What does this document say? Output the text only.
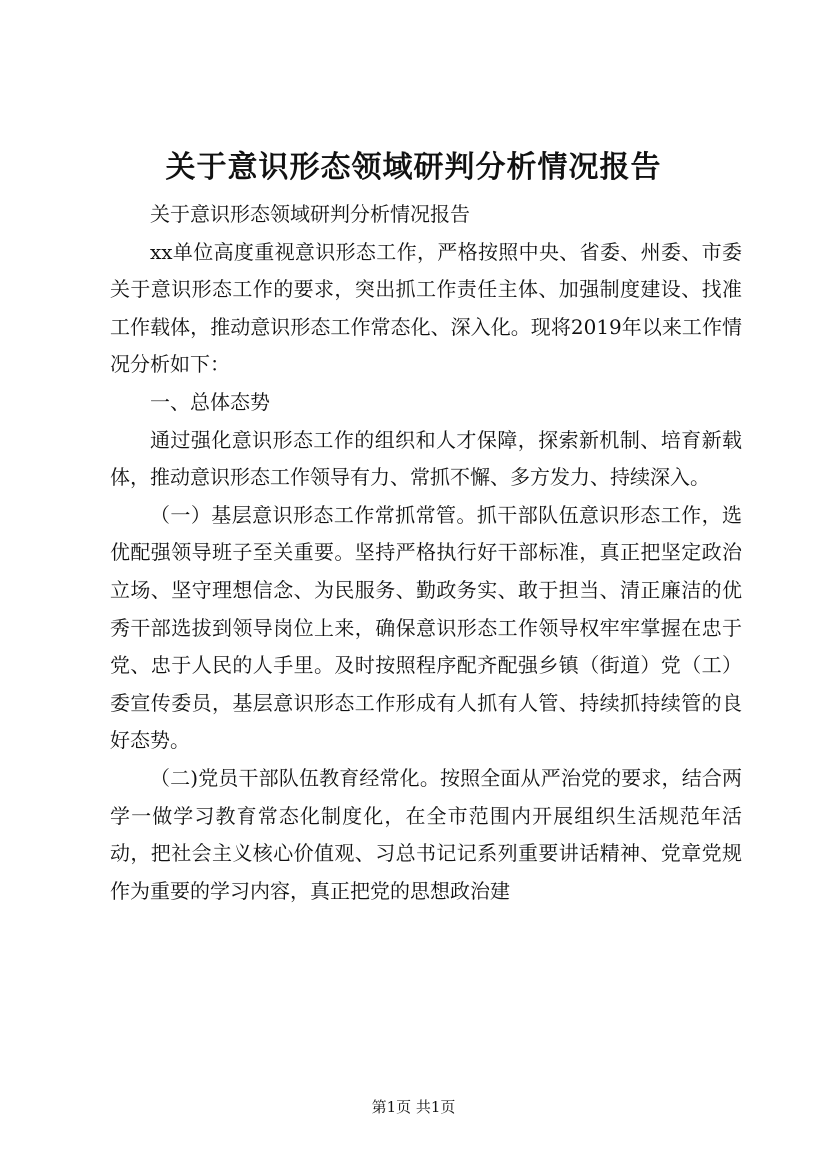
关于意识形态领域研判分析情况报告

关于意识形态领域研判分析情况报告

xx单位高度重视意识形态工作，严格按照中央、省委、州委、市委关于意识形态工作的要求，突出抓工作责任主体、加强制度建设、找准工作载体，推动意识形态工作常态化、深入化。现将2019年以来工作情况分析如下：

一、总体态势

通过强化意识形态工作的组织和人才保障，探索新机制、培育新载体，推动意识形态工作领导有力、常抓不懈、多方发力、持续深入。

（一）基层意识形态工作常抓常管。抓干部队伍意识形态工作，选优配强领导班子至关重要。坚持严格执行好干部标准，真正把坚定政治立场、坚守理想信念、为民服务、勤政务实、敢于担当、清正廉洁的优秀干部选拔到领导岗位上来，确保意识形态工作领导权牢牢掌握在忠于党、忠于人民的人手里。及时按照程序配齐配强乡镇（街道）党（工）委宣传委员，基层意识形态工作形成有人抓有人管、持续抓持续管的良好态势。

（二)党员干部队伍教育经常化。按照全面从严治党的要求，结合两学一做学习教育常态化制度化，在全市范围内开展组织生活规范年活动，把社会主义核心价值观、习总书记记系列重要讲话精神、党章党规作为重要的学习内容，真正把党的思想政治建

第1页 共1页
